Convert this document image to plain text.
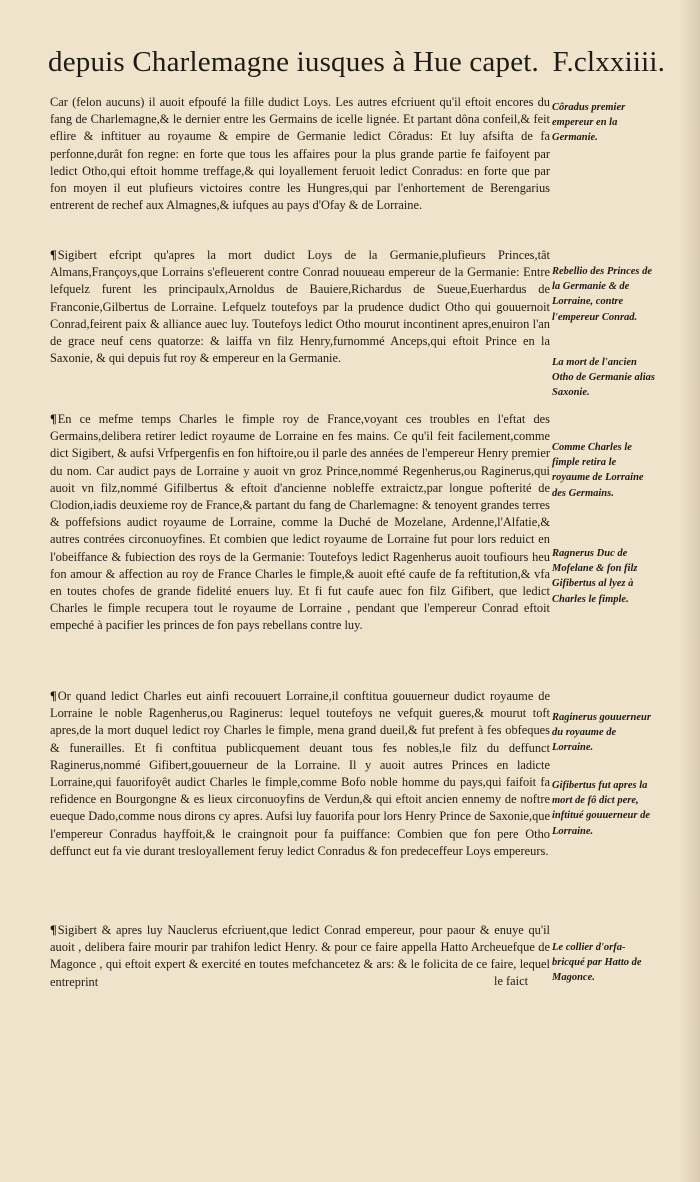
depuis Charlemagne iusques à Hue capet. F.clxxiiii.
Car (felon aucuns) il auoit efpoufé la fille dudict Loys. Les autres efcriuent qu'il eftoit encores du fang de Charlemagne,& le dernier entre les Germains de icelle lignée. Et partant dôna confeil,& feit eflire & inftituer au royaume & empire de Germanie ledict Côradus: Et luy afsifta de fa perfonne,durât fon regne: en forte que tous les affaires pour la plus grande partie fe faifoyent par ledict Otho,qui eftoit homme treffage,& qui loyallement feruoit ledict Conradus: en forte que par fon moyen il eut plufieurs victoires contre les Hungres,qui par l'enhortement de Berengarius entrerent de rechef aux Almagnes,& iufques au pays d'Ofay & de Lorraine.
¶Sigibert efcript qu'apres la mort dudict Loys de la Germanie,plufieurs Princes,tât Almans,Françoys,que Lorrains s'efleuerent contre Conrad nouueau empereur de la Germanie: Entre lefquelz furent les principaulx,Arnoldus de Bauiere,Richardus de Sueue,Euerhardus de Franconie,Gilbertus de Lorraine. Lefquelz toutefoys par la prudence dudict Otho qui gouuernoit Conrad,feirent paix & alliance auec luy. Toutefoys ledict Otho mourut incontinent apres,enuiron l'an de grace neuf cens quatorze: & laiffa vn filz Henry,furnommé Anceps,qui eftoit Prince en la Saxonie, & qui depuis fut roy & empereur en la Germanie.
¶En ce mefme temps Charles le fimple roy de France,voyant ces troubles en l'eftat des Germains,delibera retirer ledict royaume de Lorraine en fes mains. Ce qu'il feit facilement,comme dict Sigibert, & aufsi Vrfpergenfis en fon hiftoire,ou il parle des années de l'empereur Henry premier du nom. Car audict pays de Lorraine y auoit vn groz Prince,nommé Regenherus,ou Raginerus,qui auoit vn filz,nommé Gifilbertus & eftoit d'ancienne nobleffe extraictz,par longue pofterité de Clodion,iadis deuxieme roy de France,& partant du fang de Charlemagne: & tenoyent grandes terres & poffefsions audict royaume de Lorraine, comme la Duché de Mozelane, Ardenne,l'Alfatie,& autres contrées circonuoyfines. Et combien que ledict royaume de Lorraine fut pour lors reduict en l'obeiffance & fubiection des roys de la Germanie: Toutefoys ledict Ragenherus auoit toufiours heu fon amour & affection au roy de France Charles le fimple,& auoit efté caufe de fa reftitution,& vfa en toutes chofes de grande fidelité enuers luy. Et fi fut caufe auec fon filz Gifibert, que ledict Charles le fimple recupera tout le royaume de Lorraine , pendant que l'empereur Conrad eftoit empeché à pacifier les princes de fon pays rebellans contre luy.
¶Or quand ledict Charles eut ainfi recouuert Lorraine,il conftitua gouuerneur dudict royaume de Lorraine le noble Ragenherus,ou Raginerus: lequel toutefoys ne vefquit gueres,& mourut toft apres,de la mort duquel ledict roy Charles le fimple, mena grand dueil,& fut prefent à fes obfeques & funerailles. Et fi conftitua publicquement deuant tous fes nobles,le filz du deffunct Raginerus,nommé Gifibert,gouuerneur de la Lorraine. Il y auoit autres Princes en ladicte Lorraine,qui fauorifoyêt audict Charles le fimple,comme Bofo noble homme du pays,qui faifoit fa refidence en Bourgongne & es lieux circonuoyfins de Verdun,& qui eftoit ancien ennemy de noftre eueque Dado,comme nous dirons cy apres. Aufsi luy fauorifa pour lors Henry Prince de Saxonie,que l'empereur Conradus hayffoit,& le craingnoit pour fa puiffance: Combien que fon pere Otho deffunct eut fa vie durant tresloyallement feruy ledict Conradus & fon predeceffeur Loys empereurs.
¶Sigibert & apres luy Nauclerus efcriuent,que ledict Conrad empereur, pour paour & enuye qu'il auoit , delibera faire mourir par trahifon ledict Henry. & pour ce faire appella Hatto Archeuefque de Magonce , qui eftoit expert & exercité en toutes mefchancetez & ars: & le folicita de ce faire, lequel entreprint	le faict
Côradus premier empereur en la Germanie.
Rebellio des Princes de la Germanie & de Lorraine, contre l'empereur Conrad.
La mort de l'ancien Otho de Germanie alias Saxonie.
Comme Charles le fimple retira le royaume de Lorraine des Germains.
Ragnerus Duc de Mofelane & fon filz Gifibertus al lyez à Charles le fimple.
Raginerus gouuerneur du royaume de Lorraine.
Gifibertus fut apres la mort de fô dict pere, inftitué gouuerneur de Lorraine.
Le collier d'orfa-bricqué par Hatto de Magonce.
